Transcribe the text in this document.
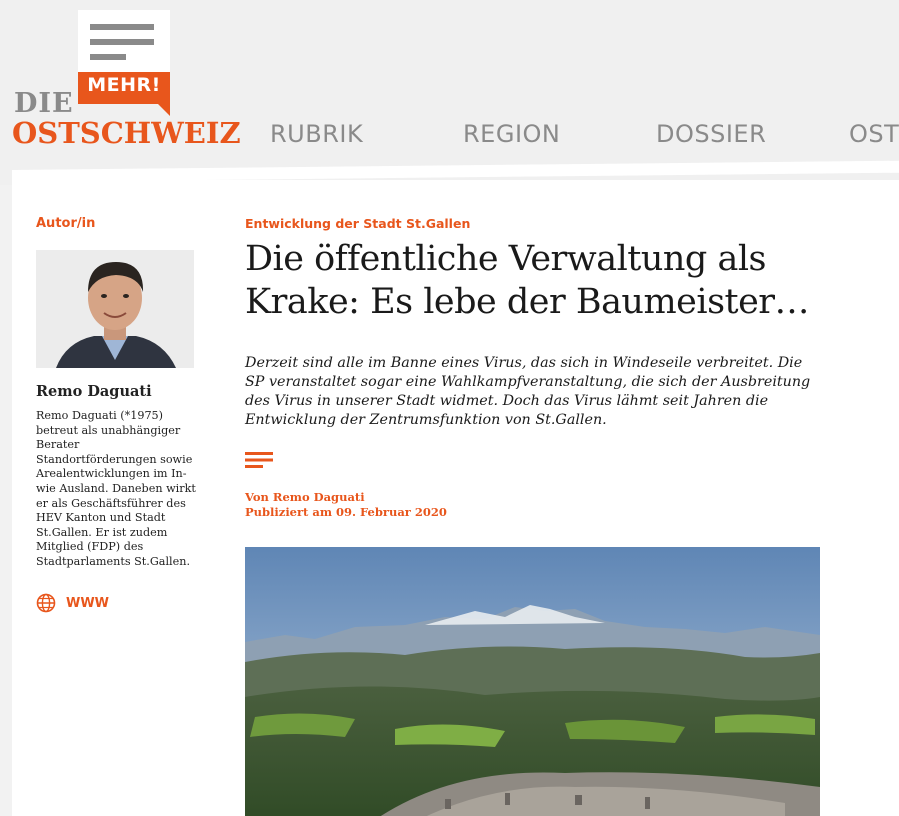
MEHR!
DIE
OSTSCHWEIZ RUBRIK	REGION	DOSSIER	OST
Autor/in
Remo Daguati
Remo Daguati (*1975) betreut als unabhängiger Berater Standortförderungen sowie Arealentwicklungen im In- wie Ausland. Daneben wirkt er als Geschäftsführer des HEV Kanton und Stadt St.Gallen. Er ist zudem Mitglied (FDP) des Stadtparlaments St.Gallen.
WWW
Entwicklung der Stadt St.Gallen
Die öffentliche Verwaltung als Krake: Es lebe der Baumeister…

Derzeit sind alle im Banne eines Virus, das sich in Windeseile verbreitet. Die SP veranstaltet sogar eine Wahlkampfveranstaltung, die sich der Ausbreitung des Virus in unserer Stadt widmet. Doch das Virus lähmt seit Jahren die Entwicklung der Zentrumsfunktion von St.Gallen.

Von Remo Daguati
Publiziert am 09. Februar 2020
